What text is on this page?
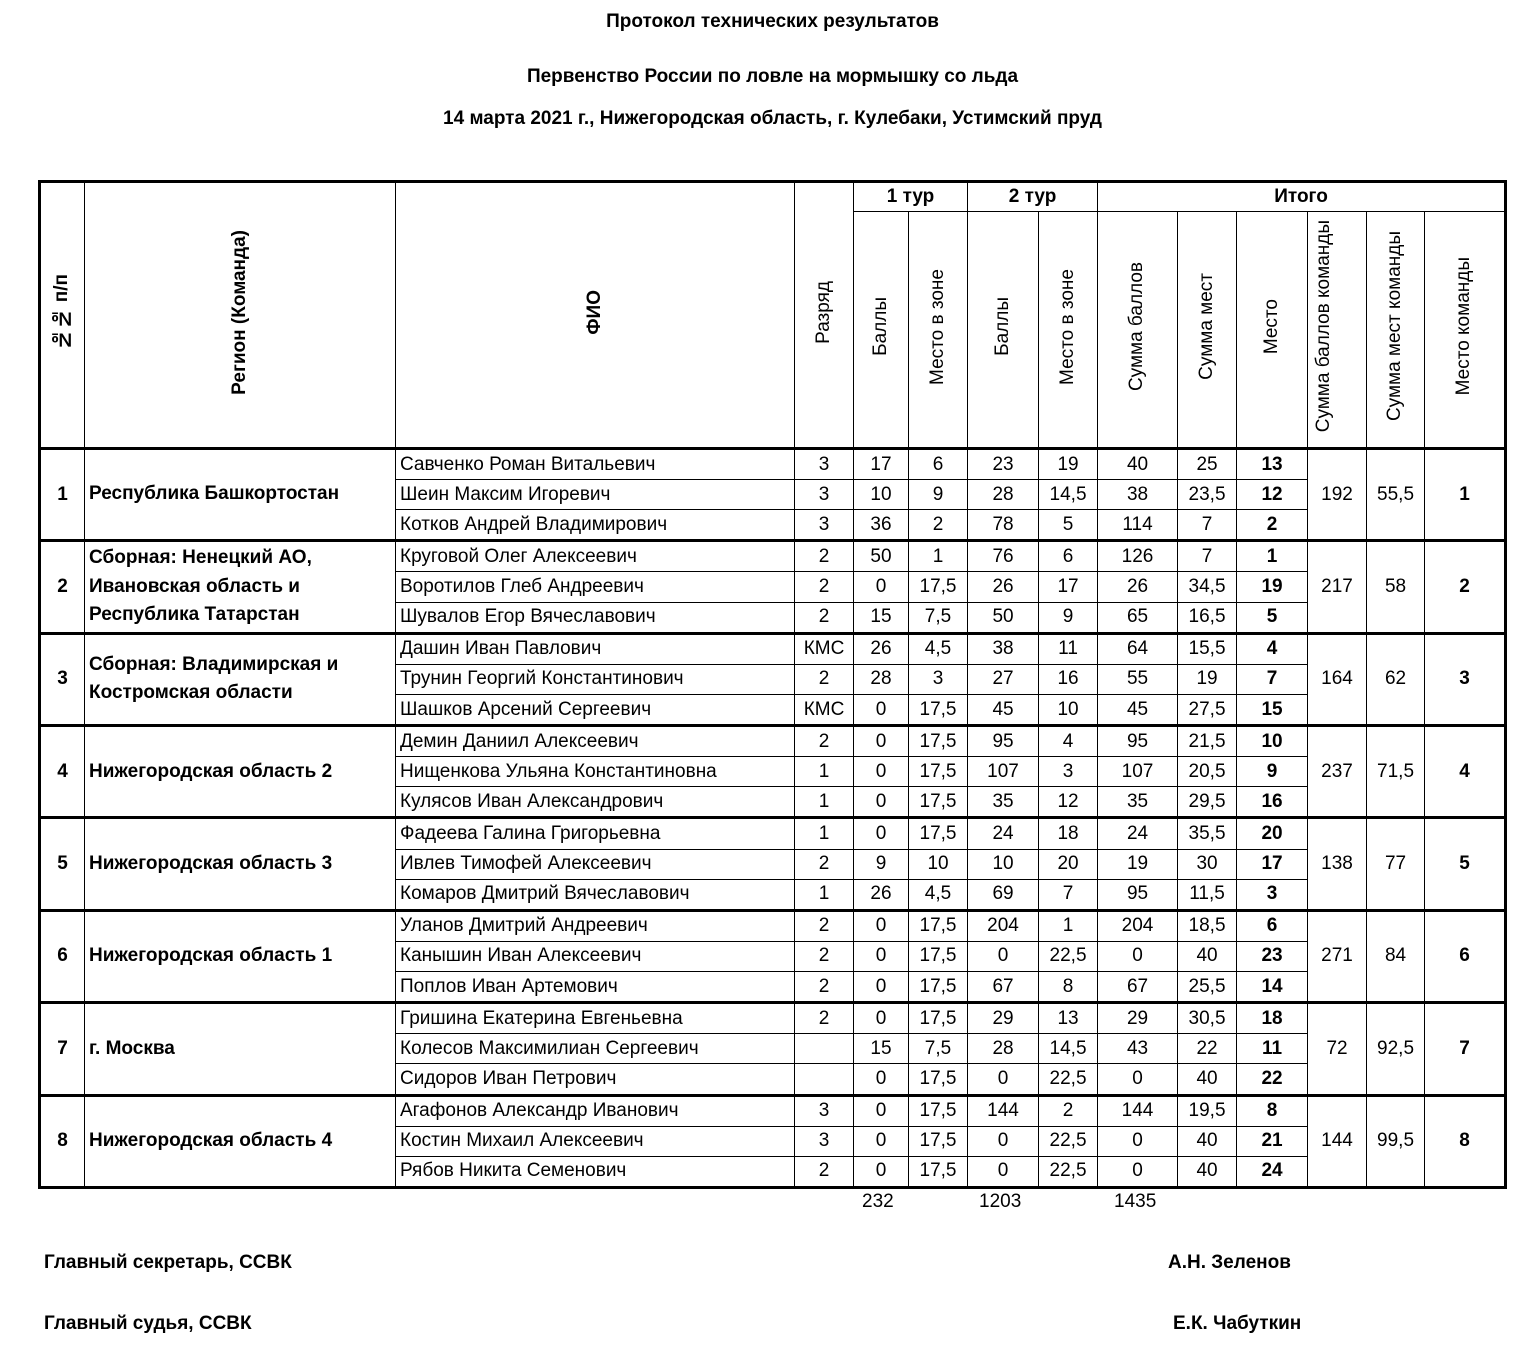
Протокол технических результатов
Первенство России по ловле на мормышку со льда
14 марта 2021 г., Нижегородская область, г. Кулебаки, Устимский пруд
№№ п/п	Регион (Команда)	ФИО	Разряд	1 тур		2 тур		Итого					
				Баллы	Место в зоне	Баллы	Место в зоне	Сумма баллов	Сумма мест	Место	Сумма баллов команды	Сумма мест команды	Место команды
1	Республика Башкортостан	Савченко Роман Витальевич	3	17	6	23	19	40	25	13	192	55,5	1
		Шеин Максим Игоревич	3	10	9	28	14,5	38	23,5	12			
		Котков Андрей Владимирович	3	36	2	78	5	114	7	2			
2	Сборная: Ненецкий АО, Ивановская область и Республика Татарстан	Круговой Олег Алексеевич	2	50	1	76	6	126	7	1	217	58	2
		Воротилов Глеб Андреевич	2	0	17,5	26	17	26	34,5	19			
		Шувалов Егор Вячеславович	2	15	7,5	50	9	65	16,5	5			
3	Сборная: Владимирская и Костромская области	Дашин Иван Павлович	КМС	26	4,5	38	11	64	15,5	4	164	62	3
		Трунин Георгий Константинович	2	28	3	27	16	55	19	7			
		Шашков Арсений Сергеевич	КМС	0	17,5	45	10	45	27,5	15			
4	Нижегородская область 2	Демин Даниил Алексеевич	2	0	17,5	95	4	95	21,5	10	237	71,5	4
		Нищенкова Ульяна Константиновна	1	0	17,5	107	3	107	20,5	9			
		Кулясов Иван Александрович	1	0	17,5	35	12	35	29,5	16			
5	Нижегородская область 3	Фадеева Галина Григорьевна	1	0	17,5	24	18	24	35,5	20	138	77	5
		Ивлев Тимофей Алексеевич	2	9	10	10	20	19	30	17			
		Комаров Дмитрий Вячеславович	1	26	4,5	69	7	95	11,5	3			
6	Нижегородская область 1	Уланов Дмитрий Андреевич	2	0	17,5	204	1	204	18,5	6	271	84	6
		Канышин Иван Алексеевич	2	0	17,5	0	22,5	0	40	23			
		Поплов Иван Артемович	2	0	17,5	67	8	67	25,5	14			
7	г. Москва	Гришина Екатерина Евгеньевна	2	0	17,5	29	13	29	30,5	18	72	92,5	7
		Колесов Максимилиан Сергеевич		15	7,5	28	14,5	43	22	11			
		Сидоров Иван Петрович		0	17,5	0	22,5	0	40	22			
8	Нижегородская область 4	Агафонов Александр Иванович	3	0	17,5	144	2	144	19,5	8	144	99,5	8
		Костин Михаил Алексеевич	3	0	17,5	0	22,5	0	40	21			
		Рябов Никита Семенович	2	0	17,5	0	22,5	0	40	24			
232	1203	1435
Главный секретарь, ССВК	А.Н. Зеленов
Главный судья, ССВК	Е.К. Чабуткин
